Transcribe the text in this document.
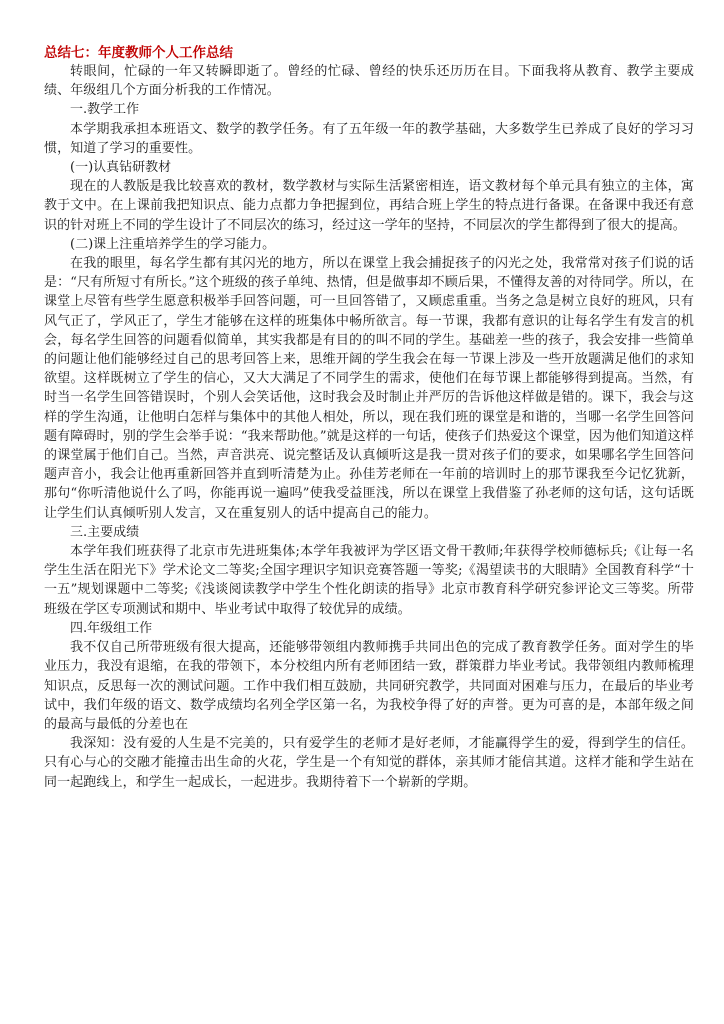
总结七：年度教师个人工作总结

转眼间，忙碌的一年又转瞬即逝了。曾经的忙碌、曾经的快乐还历历在目。下面我将从教育、教学主要成绩、年级组几个方面分析我的工作情况。

一.教学工作

本学期我承担本班语文、数学的教学任务。有了五年级一年的教学基础，大多数学生已养成了良好的学习习惯，知道了学习的重要性。

(一)认真钻研教材

现在的人教版是我比较喜欢的教材，数学教材与实际生活紧密相连，语文教材每个单元具有独立的主体，寓教于文中。在上课前我把知识点、能力点都力争把握到位，再结合班上学生的特点进行备课。在备课中我还有意识的针对班上不同的学生设计了不同层次的练习，经过这一学年的坚持，不同层次的学生都得到了很大的提高。

(二)课上注重培养学生的学习能力。

在我的眼里，每名学生都有其闪光的地方，所以在课堂上我会捕捉孩子的闪光之处，我常常对孩子们说的话是：“尺有所短寸有所长。”这个班级的孩子单纯、热情，但是做事却不顾后果，不懂得友善的对待同学。所以，在课堂上尽管有些学生愿意积极举手回答问题，可一旦回答错了，又顾虑重重。当务之急是树立良好的班风，只有风气正了，学风正了，学生才能够在这样的班集体中畅所欲言。每一节课，我都有意识的让每名学生有发言的机会，每名学生回答的问题看似简单，其实我都是有目的的叫不同的学生。基础差一些的孩子，我会安排一些简单的问题让他们能够经过自己的思考回答上来，思维开阔的学生我会在每一节课上涉及一些开放题满足他们的求知欲望。这样既树立了学生的信心，又大大满足了不同学生的需求，使他们在每节课上都能够得到提高。当然，有时当一名学生回答错误时，个别人会笑话他，这时我会及时制止并严厉的告诉他这样做是错的。课下，我会与这样的学生沟通，让他明白怎样与集体中的其他人相处，所以，现在我们班的课堂是和谐的，当哪一名学生回答问题有障碍时，别的学生会举手说：“我来帮助他。”就是这样的一句话，使孩子们热爱这个课堂，因为他们知道这样的课堂属于他们自己。当然，声音洪亮、说完整话及认真倾听这是我一贯对孩子们的要求，如果哪名学生回答问题声音小，我会让他再重新回答并直到听清楚为止。孙佳芳老师在一年前的培训时上的那节课我至今记忆犹新，那句“你听清他说什么了吗，你能再说一遍吗”使我受益匪浅，所以在课堂上我借鉴了孙老师的这句话，这句话既让学生们认真倾听别人发言，又在重复别人的话中提高自己的能力。

三.主要成绩

本学年我们班获得了北京市先进班集体;本学年我被评为学区语文骨干教师;年获得学校师德标兵;《让每一名学生生活在阳光下》学术论文二等奖;全国字理识字知识竞赛答题一等奖;《渴望读书的大眼睛》全国教育科学“十一五”规划课题中二等奖;《浅谈阅读教学中学生个性化朗读的指导》北京市教育科学研究参评论文三等奖。所带班级在学区专项测试和期中、毕业考试中取得了较优异的成绩。

四.年级组工作

我不仅自己所带班级有很大提高，还能够带领组内教师携手共同出色的完成了教育教学任务。面对学生的毕业压力，我没有退缩，在我的带领下，本分校组内所有老师团结一致，群策群力毕业考试。我带领组内教师梳理知识点，反思每一次的测试问题。工作中我们相互鼓励，共同研究教学，共同面对困难与压力，在最后的毕业考试中，我们年级的语文、数学成绩均名列全学区第一名，为我校争得了好的声誉。更为可喜的是，本部年级之间的最高与最低的分差也在

我深知：没有爱的人生是不完美的，只有爱学生的老师才是好老师，才能赢得学生的爱，得到学生的信任。只有心与心的交融才能撞击出生命的火花，学生是一个有知觉的群体，亲其师才能信其道。这样才能和学生站在同一起跑线上，和学生一起成长，一起进步。我期待着下一个崭新的学期。
